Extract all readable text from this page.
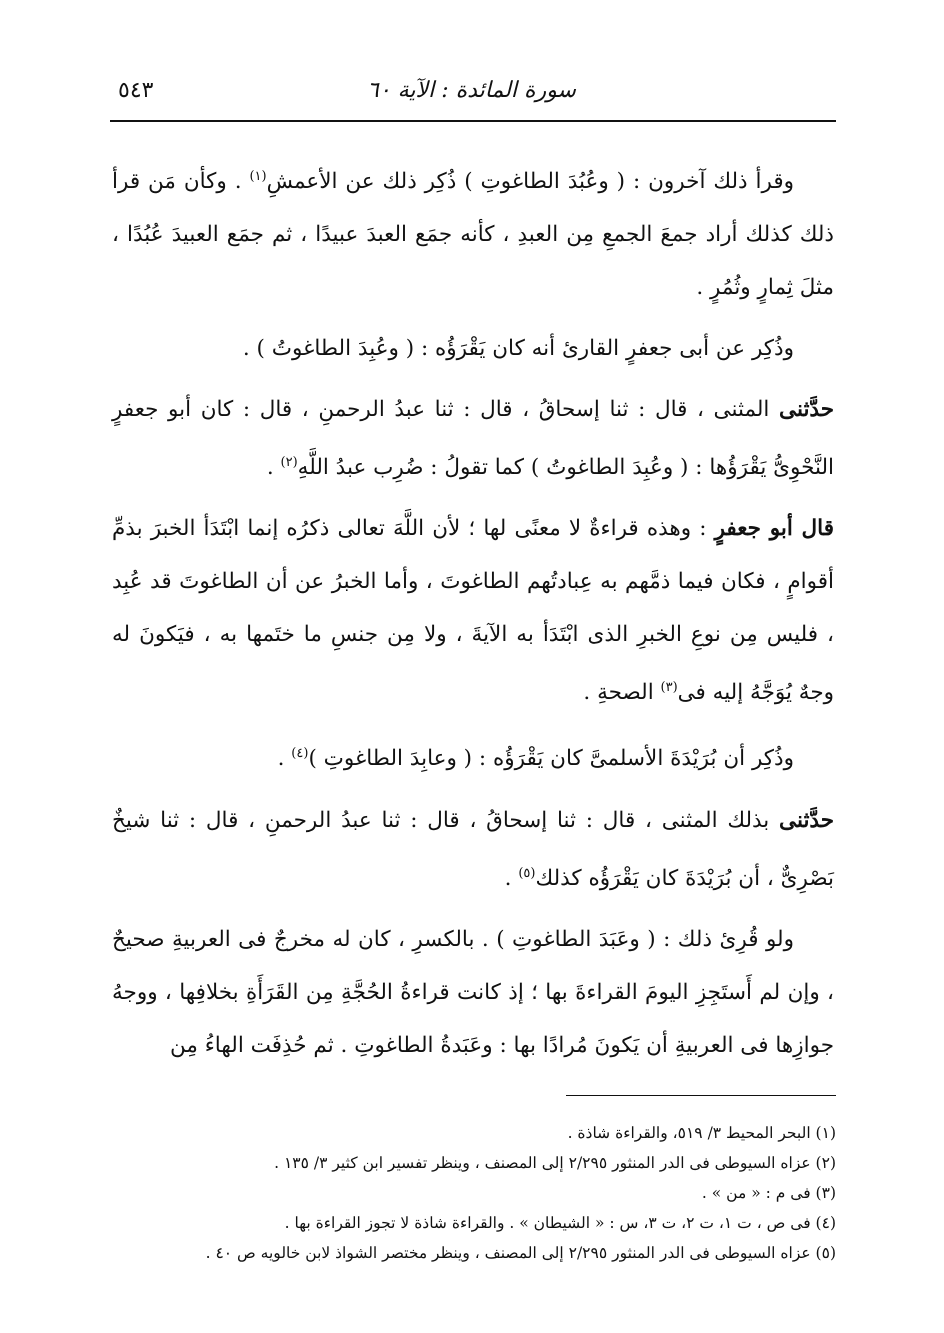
سورة المائدة : الآية ٦٠
٥٤٣

وقرأ ذلك آخرون : ( وعُبُدَ الطاغوتِ ) ذُكِر ذلك عن الأعمشِ$^{(١)}$ . وكأن مَن قرأ ذلك كذلك أراد جمعَ الجمعِ مِن العبدِ ، كأنه جمَع العبدَ عبيدًا ، ثم جمَع العبيدَ عُبُدًا ، مثلَ ثِمارٍ وثُمُرٍ .

وذُكِر عن أبى جعفرٍ القارئ أنه كان يَقْرَؤُه : ( وعُبِدَ الطاغوتُ ) .

حدَّثنى المثنى ، قال : ثنا إسحاقُ ، قال : ثنا عبدُ الرحمنِ ، قال : كان أبو جعفرٍ النَّحْوِىُّ يَقْرَؤُها : ( وعُبِدَ الطاغوتُ ) كما تقولُ : ضُرِب عبدُ اللَّهِ$^{(٢)}$ .

قال أبو جعفرٍ : وهذه قراءةٌ لا معنًى لها ؛ لأن اللَّهَ تعالى ذكرُه إنما ابْتَدَأ الخبرَ بذمِّ أقوامٍ ، فكان فيما ذمَّهم به عِبادتُهم الطاغوتَ ، وأما الخبرُ عن أن الطاغوتَ قد عُبِد ، فليس مِن نوعِ الخبرِ الذى ابْتَدَأ به الآيةَ ، ولا مِن جنسِ ما ختَمها به ، فيَكونَ له وجهٌ يُوَجَّهُ إليه فى$^{(٣)}$ الصحةِ .

وذُكِر أن بُرَيْدَةَ الأسلمىَّ كان يَقْرَؤُه : ( وعابِدَ الطاغوتِ )$^{(٤)}$ .

حدَّثنى بذلك المثنى ، قال : ثنا إسحاقُ ، قال : ثنا عبدُ الرحمنِ ، قال : ثنا شيخٌ بَصْرِىٌّ ، أن بُرَيْدَةَ كان يَقْرَؤُه كذلك$^{(٥)}$ .

ولو قُرِئ ذلك : ( وعَبَدَ الطاغوتِ ) . بالكسرِ ، كان له مخرجٌ فى العربيةِ صحيحٌ ، وإن لم أَستَجِزِ اليومَ القراءةَ بها ؛ إذ كانت قراءةُ الحُجَّةِ مِن القَرَأَةِ بخلافِها ، ووجهُ جوازِها فى العربيةِ أن يَكونَ مُرادًا بها : وعَبَدةُ الطاغوتِ . ثم حُذِفَت الهاءُ مِن

(١) البحر المحيط ٣/ ٥١٩، والقراءة شاذة .

(٢) عزاه السيوطى فى الدر المنثور ٢/٢٩٥ إلى المصنف ، وينظر تفسير ابن كثير ٣/ ١٣٥ .

(٣) فى م : « من » .

(٤) فى ص ، ت ١، ت ٢، ت ٣، س : « الشيطان » . والقراءة شاذة لا تجوز القراءة بها .

(٥) عزاه السيوطى فى الدر المنثور ٢/٢٩٥ إلى المصنف ، وينظر مختصر الشواذ لابن خالويه ص ٤٠ .
